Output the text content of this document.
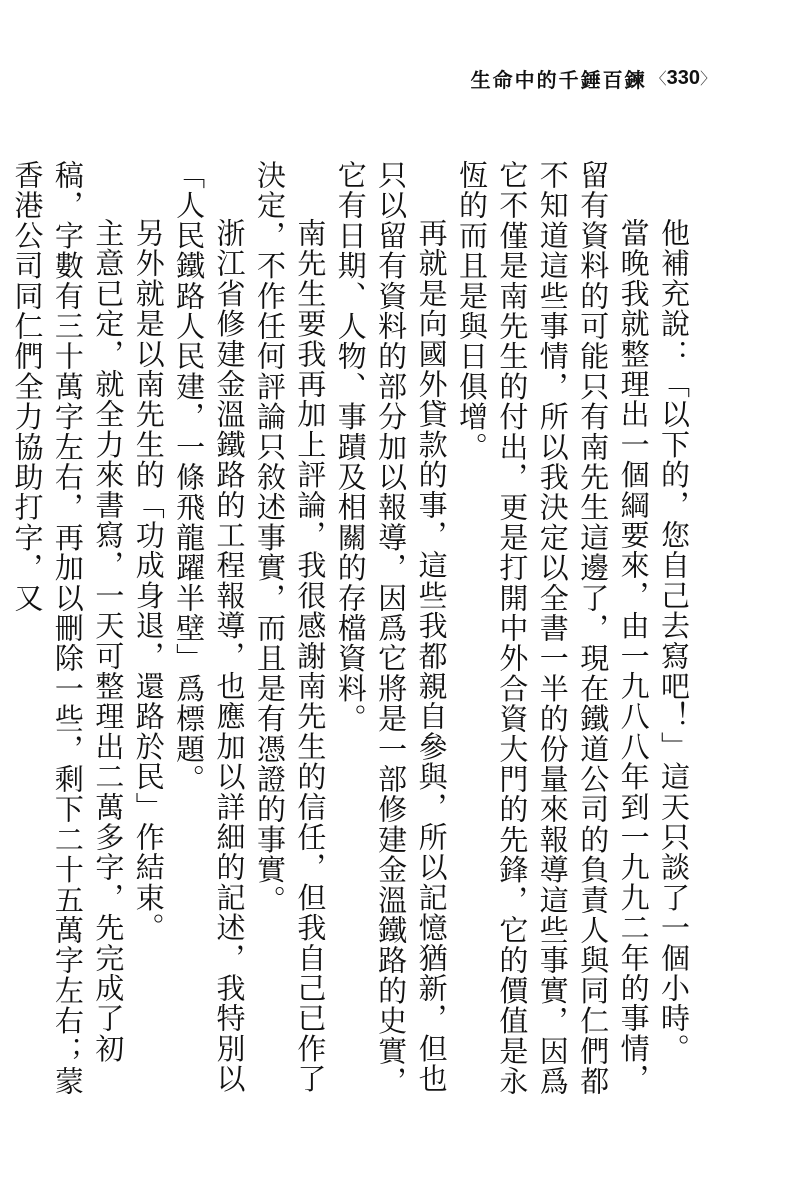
生命中的千錘百鍊
〈	330 〉

他補充說：「以下的，您自己去寫吧！」這天只談了一個小時。

當晚我就整理出一個綱要來，由一九八八年到一九九二年的事情，留有資料的可能只有南先生這邊了，現在鐵道公司的負責人與同仁們都不知道這些事情，所以我決定以全書一半的份量來報導這些事實，因爲它不僅是南先生的付出，更是打開中外合資大門的先鋒，它的價值是永恆的而且是與日俱增。

再就是向國外貸款的事，這些我都親自參與，所以記憶猶新，但也只以留有資料的部分加以報導，因爲它將是一部修建金溫鐵路的史實，它有日期、人物、事蹟及相關的存檔資料。

南先生要我再加上評論，我很感謝南先生的信任，但我自己已作了決定，不作任何評論只敘述事實，而且是有憑證的事實。

浙江省修建金溫鐵路的工程報導，也應加以詳細的記述，我特別以「人民鐵路人民建，一條飛龍躍半壁」爲標題。

另外就是以南先生的「功成身退，還路於民」作結束。

主意已定，就全力來書寫，一天可整理出二萬多字，先完成了初稿，字數有三十萬字左右，再加以刪除一些，剩下二十五萬字左右；蒙香港公司同仁們全力協助打字，又
